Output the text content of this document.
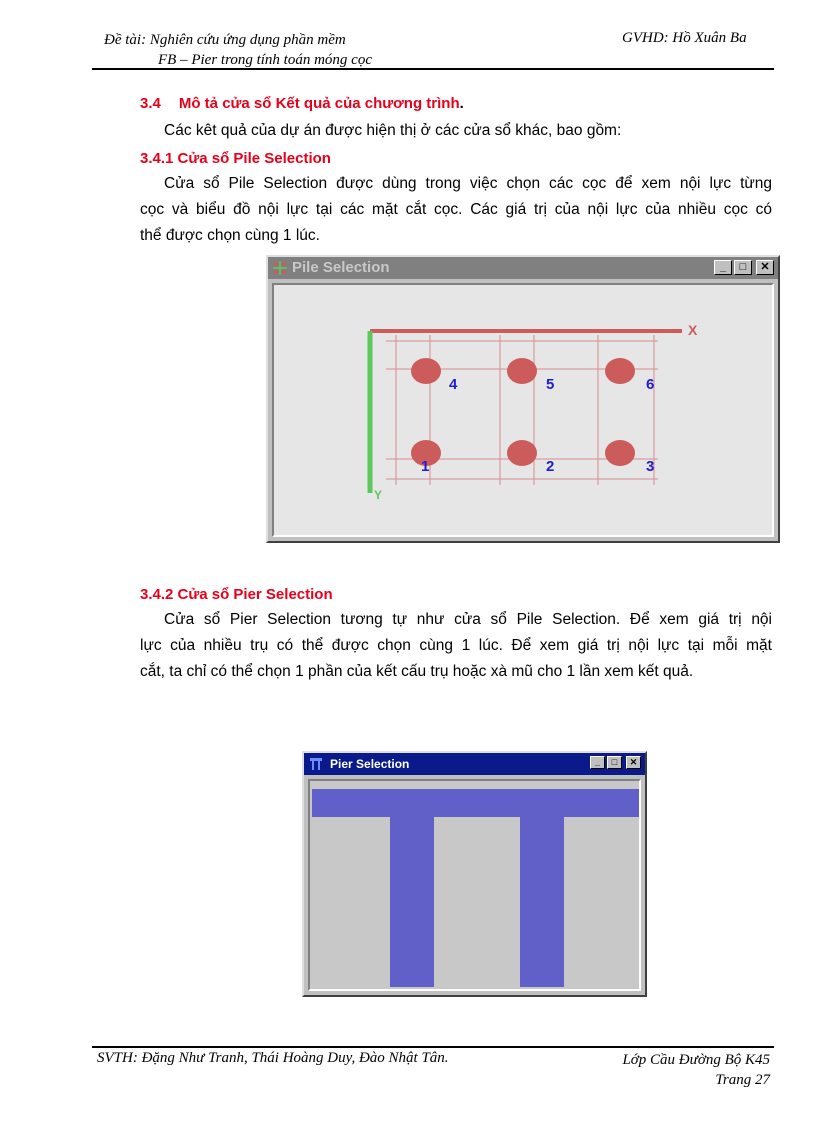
Đề tài: Nghiên cứu ứng dụng phần mềm
FB – Pier trong tính toán móng cọc
GVHD: Hồ Xuân Ba
3.4 Mô tả cửa sổ Kết quả của chương trình.
Các kêt quả của dự án được hiện thị ở các cửa sổ khác, bao gồm:
3.4.1 Cửa sổ Pile Selection
Cửa sổ Pile Selection được dùng trong việc chọn các cọc để xem nội lực từng
cọc và biểu đồ nội lực tại các mặt cắt cọc. Các giá trị của nội lực của nhiều cọc có
thể được chọn cùng 1 lúc.
Pile Selection	_	□	✕
4	5	6
1	2	3
X
Y
3.4.2 Cửa sổ Pier Selection
Cửa sổ Pier Selection tương tự như cửa sổ Pile Selection. Để xem giá trị nội
lực của nhiều trụ có thể được chọn cùng 1 lúc. Để xem giá trị nội lực tại mỗi mặt
cắt, ta chỉ có thể chọn 1 phần của kết cấu trụ hoặc xà mũ cho 1 lần xem kết quả.
Pier Selection	_	□	✕
SVTH: Đặng Như Tranh, Thái Hoàng Duy, Đào Nhật Tân.	Lớp Cầu Đường Bộ K45
Trang 27
